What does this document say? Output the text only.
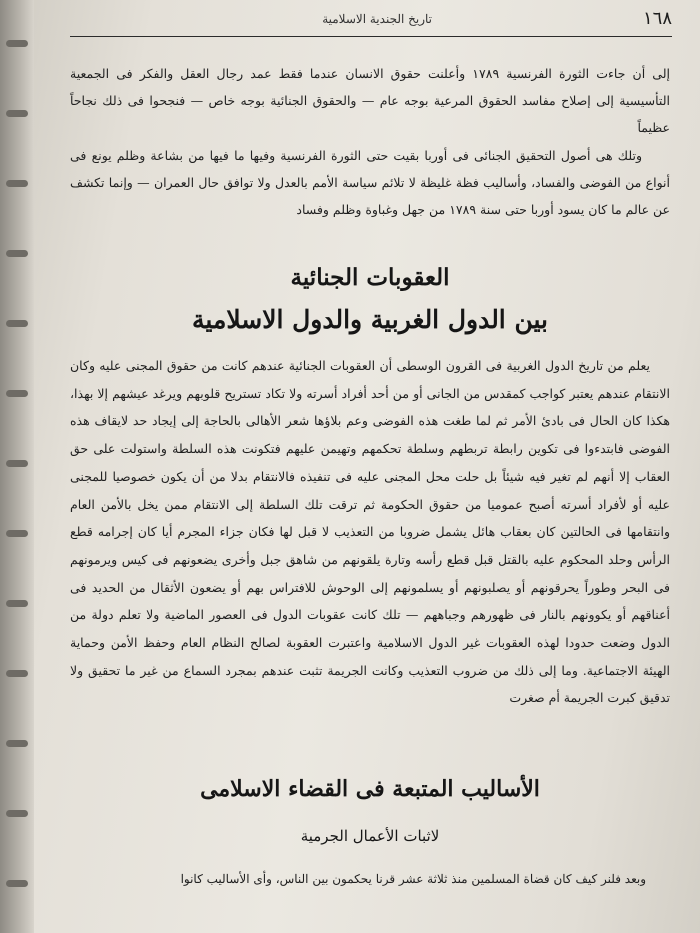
١٦٨
تاريخ الجندية الاسلامية

إلى أن جاءت الثورة الفرنسية ١٧٨٩ وأعلنت حقوق الانسان عندما فقط عمد رجال العقل والفكر فى الجمعية التأسيسية إلى إصلاح مفاسد الحقوق المرعية بوجه عام — والحقوق الجنائية بوجه خاص — فنجحوا فى ذلك نجاحاً عظيماً

وتلك هى أصول التحقيق الجنائى فى أوربا بقيت حتى الثورة الفرنسية وفيها ما فيها من بشاعة وظلم يونع فى أنواع من الفوضى والفساد، وأساليب فظة غليظة لا تلائم سياسة الأمم بالعدل ولا توافق حال العمران — وإنما تكشف عن عالم ما كان يسود أوربا حتى سنة ١٧٨٩ من جهل وغباوة وظلم وفساد

العقوبات الجنائية
بين الدول الغربية والدول الاسلامية

يعلم من تاريخ الدول الغربية فى القرون الوسطى أن العقوبات الجنائية عندهم كانت من حقوق المجنى عليه وكان الانتقام عندهم يعتبر كواجب كمقدس من الجانى أو من أحد أفراد أسرته ولا تكاد تستريح قلوبهم ويرغد عيشهم إلا بهذا، هكذا كان الحال فى بادئ الأمر ثم لما طغت هذه الفوضى وعم بلاؤها شعر الأهالى بالحاجة إلى إيجاد حد لايقاف هذه الفوضى فابتدءوا فى تكوين رابطة تربطهم وسلطة تحكمهم وتهيمن عليهم فتكونت هذه السلطة واستولت على حق العقاب إلا أنهم لم تغير فيه شيئاً بل حلت محل المجنى عليه فى تنفيذه فالانتقام بدلا من أن يكون خصوصيا للمجنى عليه أو لأفراد أسرته أصبح عموميا من حقوق الحكومة ثم ترقت تلك السلطة إلى الانتقام ممن يخل بالأمن العام وانتقامها فى الحالتين كان بعقاب هائل يشمل ضروبا من التعذيب لا قبل لها فكان جزاء المجرم أيا كان إجرامه قطع الرأس وحلد المحكوم عليه بالقتل قبل قطع رأسه وتارة يلقونهم من شاهق جبل وأخرى يضعونهم فى كيس ويرمونهم فى البحر وطوراً يحرقونهم أو يصلبونهم أو يسلمونهم إلى الوحوش للافتراس بهم أو يضعون الأثقال من الحديد فى أعناقهم أو يكوونهم بالنار فى ظهورهم وجباههم — تلك كانت عقوبات الدول فى العصور الماضية ولا تعلم دولة من الدول وضعت حدودا لهذه العقوبات غير الدول الاسلامية واعتبرت العقوبة لصالح النظام العام وحفظ الأمن وحماية الهيئة الاجتماعية. وما إلى ذلك من ضروب التعذيب وكانت الجريمة تثبت عندهم بمجرد السماع من غير ما تحقيق ولا تدقيق كبرت الجريمة أم صغرت

الأساليب المتبعة فى القضاء الاسلامى
لاثبات الأعمال الجرمية

وبعد فلنر كيف كان قضاة المسلمين منذ ثلاثة عشر قرنا يحكمون بين الناس، وأى الأساليب كانوا
